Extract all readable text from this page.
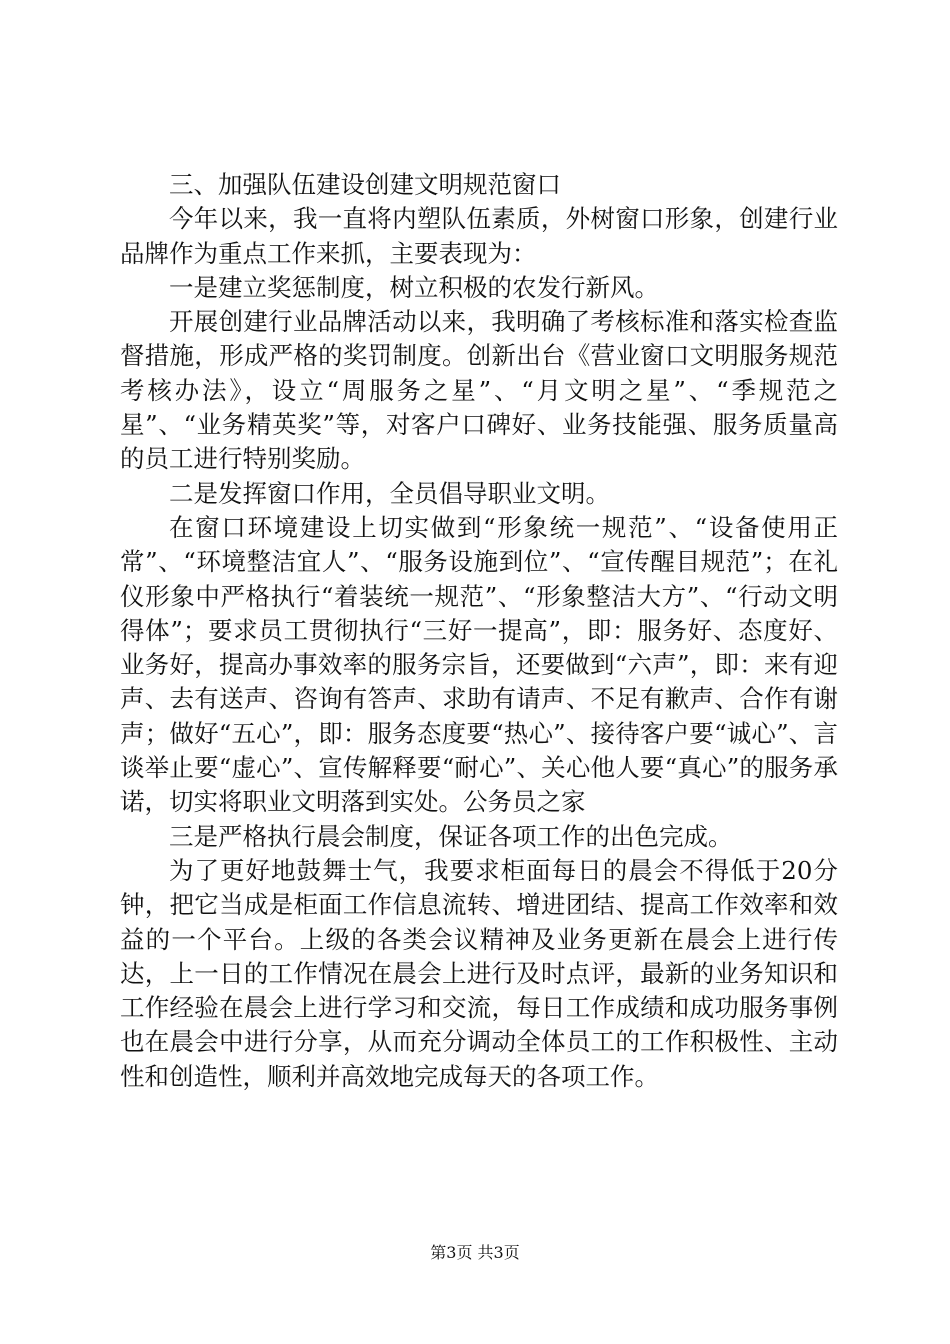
三、加强队伍建设创建文明规范窗口

今年以来，我一直将内塑队伍素质，外树窗口形象，创建行业品牌作为重点工作来抓，主要表现为：

一是建立奖惩制度，树立积极的农发行新风。

开展创建行业品牌活动以来，我明确了考核标准和落实检查监督措施，形成严格的奖罚制度。创新出台《营业窗口文明服务规范考核办法》，设立“周服务之星”、“月文明之星”、“季规范之星”、“业务精英奖”等，对客户口碑好、业务技能强、服务质量高的员工进行特别奖励。

二是发挥窗口作用，全员倡导职业文明。

在窗口环境建设上切实做到“形象统一规范”、“设备使用正常”、“环境整洁宜人”、“服务设施到位”、“宣传醒目规范”；在礼仪形象中严格执行“着装统一规范”、“形象整洁大方”、“行动文明得体”；要求员工贯彻执行“三好一提高”，即：服务好、态度好、业务好，提高办事效率的服务宗旨，还要做到“六声”，即：来有迎声、去有送声、咨询有答声、求助有请声、不足有歉声、合作有谢声；做好“五心”，即：服务态度要“热心”、接待客户要“诚心”、言谈举止要“虚心”、宣传解释要“耐心”、关心他人要“真心”的服务承诺，切实将职业文明落到实处。公务员之家

三是严格执行晨会制度，保证各项工作的出色完成。

为了更好地鼓舞士气，我要求柜面每日的晨会不得低于20分钟，把它当成是柜面工作信息流转、增进团结、提高工作效率和效益的一个平台。上级的各类会议精神及业务更新在晨会上进行传达，上一日的工作情况在晨会上进行及时点评，最新的业务知识和工作经验在晨会上进行学习和交流，每日工作成绩和成功服务事例也在晨会中进行分享，从而充分调动全体员工的工作积极性、主动性和创造性，顺利并高效地完成每天的各项工作。

第3页 共3页
